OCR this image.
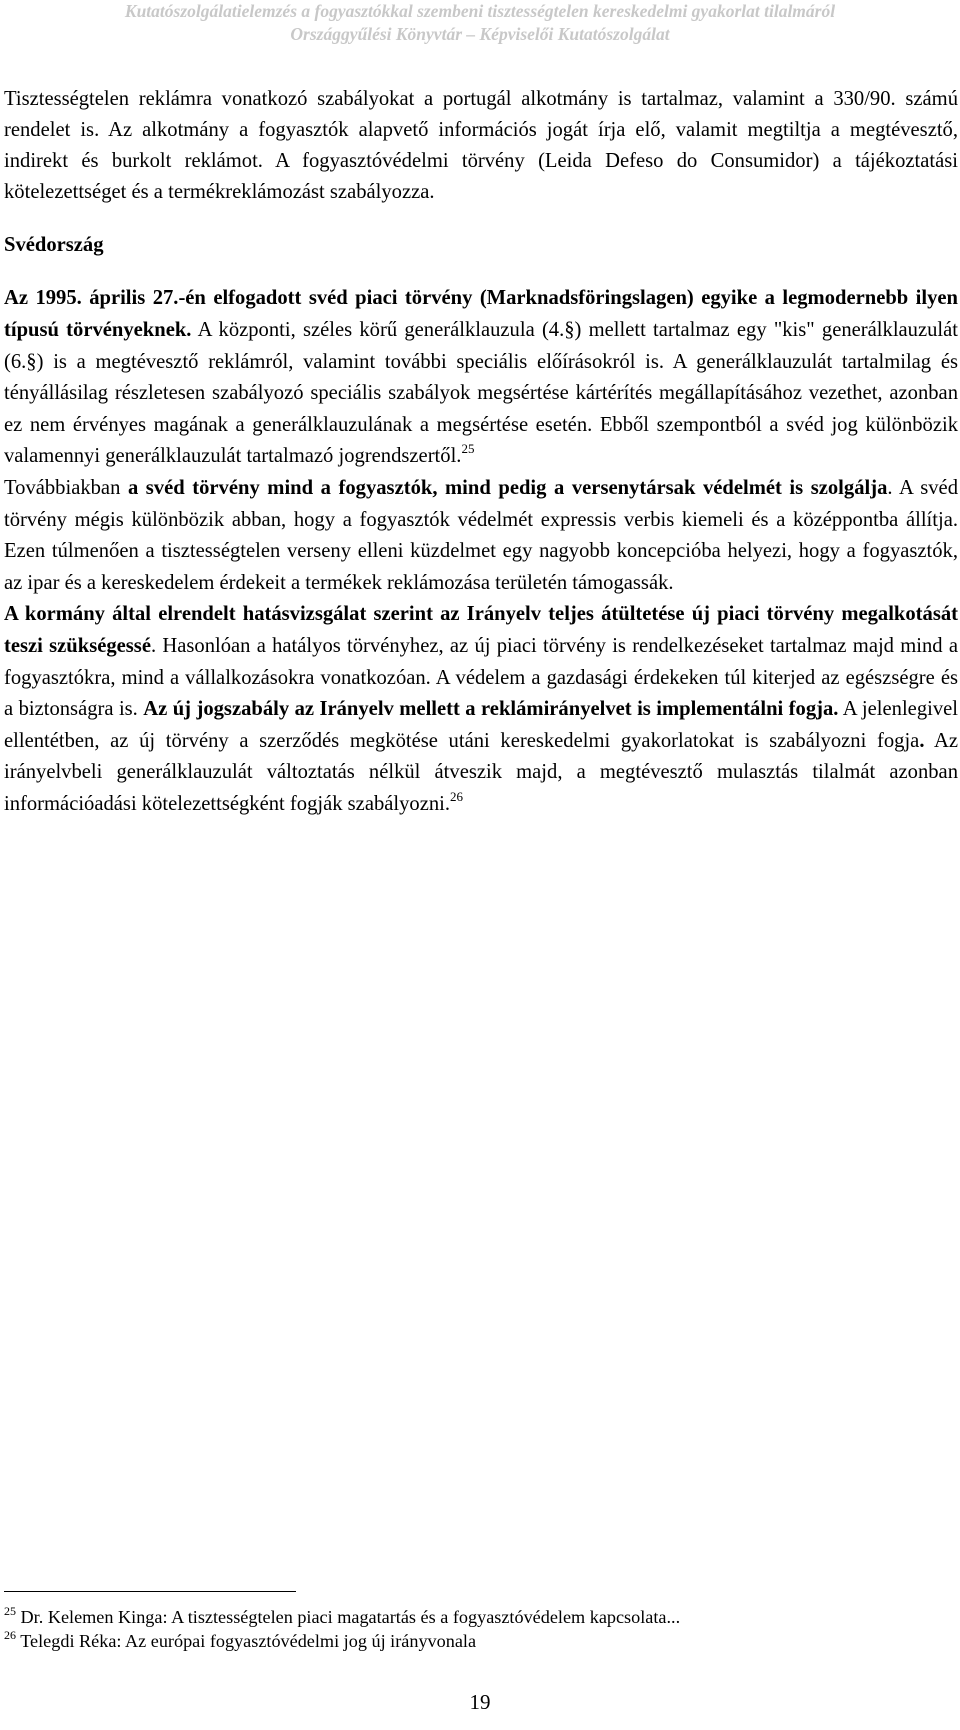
Kutatószolgálatielemzés a fogyasztókkal szembeni tisztességtelen kereskedelmi gyakorlat tilalmáról
Országgyűlési Könyvtár – Képviselői Kutatószolgálat

Tisztességtelen reklámra vonatkozó szabályokat a portugál alkotmány is tartalmaz, valamint a 330/90. számú rendelet is. Az alkotmány a fogyasztók alapvető információs jogát írja elő, valamit megtiltja a megtévesztő, indirekt és burkolt reklámot. A fogyasztóvédelmi törvény (Leida Defeso do Consumidor) a tájékoztatási kötelezettséget és a termékreklámozást szabályozza.

Svédország

Az 1995. április 27.-én elfogadott svéd piaci törvény (Marknadsföringslagen) egyike a legmodernebb ilyen típusú törvényeknek. A központi, széles körű generálklauzula (4.§) mellett tartalmaz egy "kis" generálklauzulát (6.§) is a megtévesztő reklámról, valamint további speciális előírásokról is. A generálklauzulát tartalmilag és tényállásilag részletesen szabályozó speciális szabályok megsértése kártérítés megállapításához vezethet, azonban ez nem érvényes magának a generálklauzulának a megsértése esetén. Ebből szempontból a svéd jog különbözik valamennyi generálklauzulát tartalmazó jogrendszertől.$^{25}$

Továbbiakban a svéd törvény mind a fogyasztók, mind pedig a versenytársak védelmét is szolgálja. A svéd törvény mégis különbözik abban, hogy a fogyasztók védelmét expressis verbis kiemeli és a középpontba állítja. Ezen túlmenően a tisztességtelen verseny elleni küzdelmet egy nagyobb koncepcióba helyezi, hogy a fogyasztók, az ipar és a kereskedelem érdekeit a termékek reklámozása területén támogassák.

A kormány által elrendelt hatásvizsgálat szerint az Irányelv teljes átültetése új piaci törvény megalkotását teszi szükségessé. Hasonlóan a hatályos törvényhez, az új piaci törvény is rendelkezéseket tartalmaz majd mind a fogyasztókra, mind a vállalkozásokra vonatkozóan. A védelem a gazdasági érdekeken túl kiterjed az egészségre és a biztonságra is. Az új jogszabály az Irányelv mellett a reklámirányelvet is implementálni fogja. A jelenlegivel ellentétben, az új törvény a szerződés megkötése utáni kereskedelmi gyakorlatokat is szabályozni fogja. Az irányelvbeli generálklauzulát változtatás nélkül átveszik majd, a megtévesztő mulasztás tilalmát azonban információadási kötelezettségként fogják szabályozni.$^{26}$

$^{25}$ Dr. Kelemen Kinga: A tisztességtelen piaci magatartás és a fogyasztóvédelem kapcsolata...
$^{26}$ Telegdi Réka: Az európai fogyasztóvédelmi jog új irányvonala
19
